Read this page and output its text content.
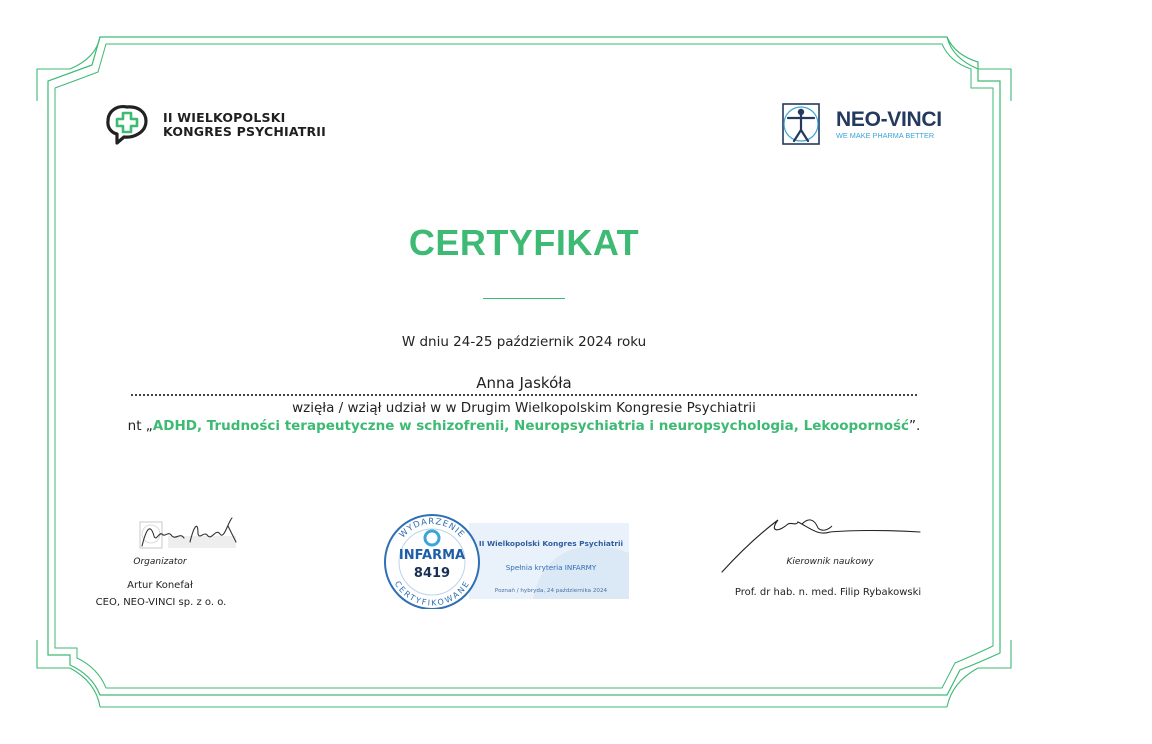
II WIELKOPOLSKI
KONGRES PSYCHIATRII
NEO-VINCI
WE MAKE PHARMA BETTER
CERTYFIKAT
W dniu 24-25 październik 2024 roku
Anna Jaskóła
wzięła / wziął udział w w Drugim Wielkopolskim Kongresie Psychiatrii
nt „ADHD, Trudności terapeutyczne w schizofrenii, Neuropsychiatria i neuropsychologia, Lekooporność”.
Organizator
Artur Konefał
CEO, NEO-VINCI sp. z o. o.
WYDARZENIE
CERTYFIKOWANE
INFARMA
8419
II Wielkopolski Kongres Psychiatrii
Spełnia kryteria INFARMY
Poznań / hybryda, 24 października 2024
Kierownik naukowy
Prof. dr hab. n. med. Filip Rybakowski
